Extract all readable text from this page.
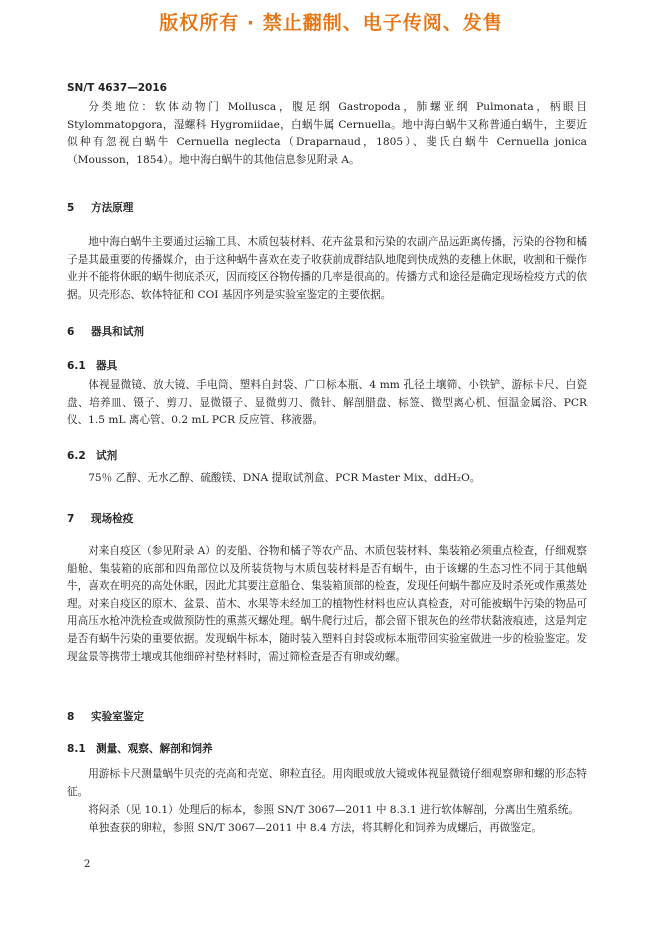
版权所有 · 禁止翻制、电子传阅、发售
SN/T 4637—2016

分类地位：软体动物门 Mollusca，腹足纲 Gastropoda，肺螺亚纲 Pulmonata，柄眼目 Stylommatopgora，湿螺科 Hygromiidae，白蜗牛属 Cernuella。地中海白蜗牛又称普通白蜗牛，主要近似种有忽视白蜗牛 Cernuella neglecta（Draparnaud，1805）、斐氏白蜗牛 Cernuella jonica（Mousson，1854）。地中海白蜗牛的其他信息参见附录 A。

5 方法原理

地中海白蜗牛主要通过运输工具、木质包装材料、花卉盆景和污染的农副产品远距离传播，污染的谷物和橘子是其最重要的传播媒介，由于这种蜗牛喜欢在麦子收获前成群结队地爬到快成熟的麦穗上休眠，收割和干燥作业并不能将休眠的蜗牛彻底杀灭，因而疫区谷物传播的几率是很高的。传播方式和途径是确定现场检疫方式的依据。贝壳形态、软体特征和 COI 基因序列是实验室鉴定的主要依据。

6 器具和试剂
6.1 器具

体视显微镜、放大镜、手电筒、塑料自封袋、广口标本瓶、4 mm 孔径土壤筛、小铁铲、游标卡尺、白瓷盘、培养皿、镊子、剪刀、显微镊子、显微剪刀、微针、解剖腊盘、标签、微型离心机、恒温金属浴、PCR 仪、1.5 mL 离心管、0.2 mL PCR 反应管、移液器。

6.2 试剂

75％ 乙醇、无水乙醇、硫酸镁、DNA 提取试剂盒、PCR Master Mix、ddH₂O。

7 现场检疫

对来自疫区（参见附录 A）的麦船、谷物和橘子等农产品、木质包装材料、集装箱必须重点检查，仔细观察船舱、集装箱的底部和四角部位以及所装货物与木质包装材料是否有蜗牛，由于该螺的生态习性不同于其他蜗牛，喜欢在明亮的高处休眠，因此尤其要注意船仓、集装箱顶部的检查，发现任何蜗牛都应及时杀死或作熏蒸处理。对来自疫区的原木、盆景、苗木、水果等未经加工的植物性材料也应认真检查，对可能被蜗牛污染的物品可用高压水枪冲洗检查或做预防性的熏蒸灭螺处理。蜗牛爬行过后，都会留下银灰色的丝带状黏液痕迹，这是判定是否有蜗牛污染的重要依据。发现蜗牛标本，随时装入塑料自封袋或标本瓶带回实验室做进一步的检验鉴定。发现盆景等携带土壤或其他细碎衬垫材料时，需过筛检查是否有卵或幼螺。

8 实验室鉴定
8.1 测量、观察、解剖和饲养

用游标卡尺测量蜗牛贝壳的壳高和壳宽、卵粒直径。用肉眼或放大镜或体视显微镜仔细观察卵和螺的形态特征。

将闷杀（见 10.1）处理后的标本，参照 SN/T 3067—2011 中 8.3.1 进行软体解剖，分离出生殖系统。

单独查获的卵粒，参照 SN/T 3067—2011 中 8.4 方法，将其孵化和饲养为成螺后，再做鉴定。

2
